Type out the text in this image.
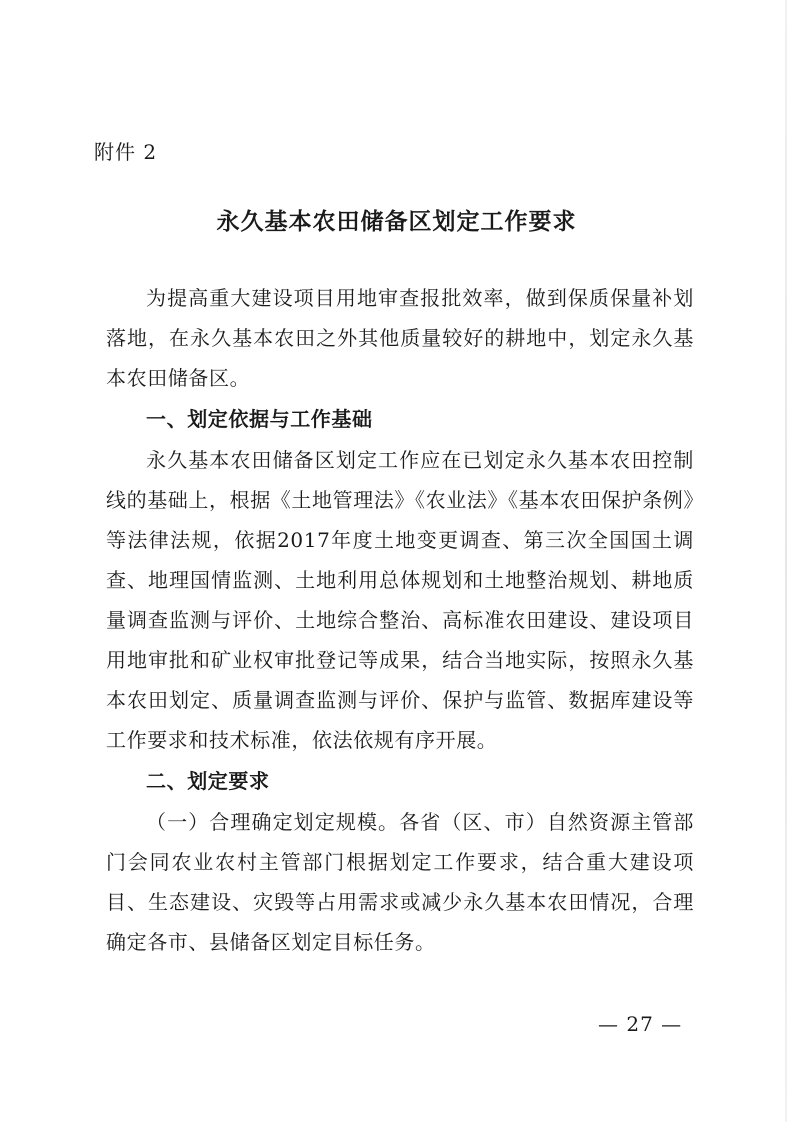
附件 2
永久基本农田储备区划定工作要求

为提高重大建设项目用地审查报批效率，做到保质保量补划落地，在永久基本农田之外其他质量较好的耕地中，划定永久基本农田储备区。

一、划定依据与工作基础

永久基本农田储备区划定工作应在已划定永久基本农田控制线的基础上，根据《土地管理法》《农业法》《基本农田保护条例》等法律法规，依据2017年度土地变更调查、第三次全国国土调查、地理国情监测、土地利用总体规划和土地整治规划、耕地质量调查监测与评价、土地综合整治、高标准农田建设、建设项目用地审批和矿业权审批登记等成果，结合当地实际，按照永久基本农田划定、质量调查监测与评价、保护与监管、数据库建设等工作要求和技术标准，依法依规有序开展。

二、划定要求

（一）合理确定划定规模。各省（区、市）自然资源主管部门会同农业农村主管部门根据划定工作要求，结合重大建设项目、生态建设、灾毁等占用需求或减少永久基本农田情况，合理确定各市、县储备区划定目标任务。

— 27 —
